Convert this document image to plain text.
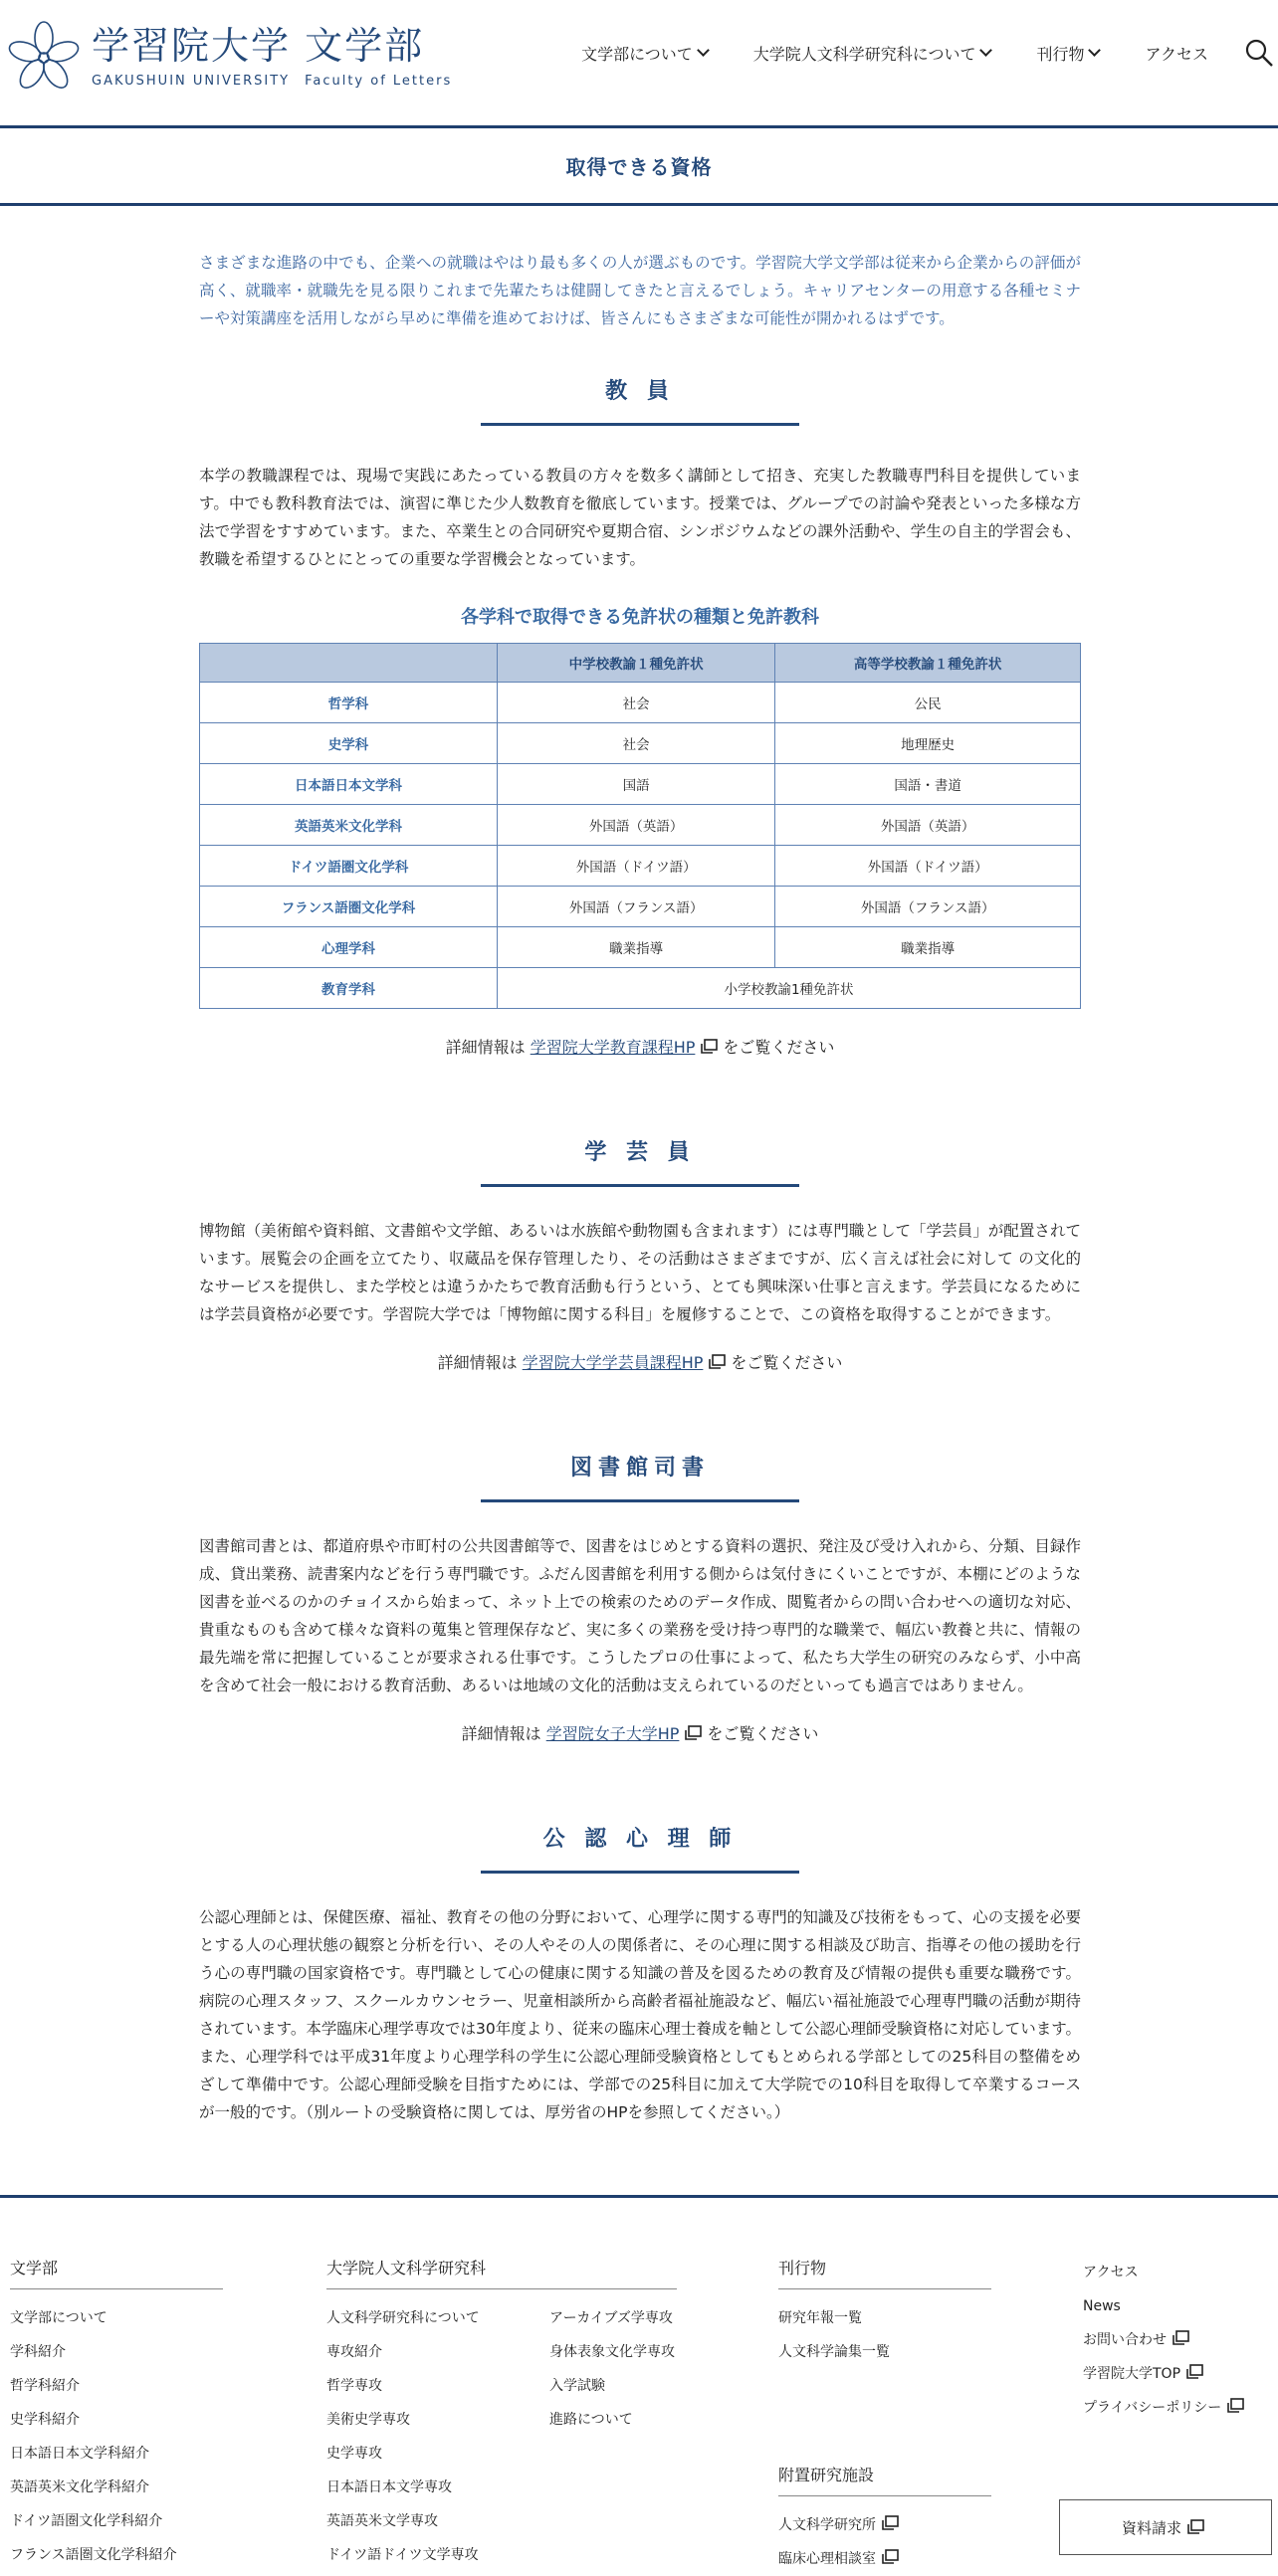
学習院大学 文学部
GAKUSHUIN UNIVERSITY　Faculty of Letters
文学部について	大学院人文科学研究科について	刊行物	アクセス
取得できる資格

さまざまな進路の中でも、企業への就職はやはり最も多くの人が選ぶものです。学習院大学文学部は従来から企業からの評価が高く、就職率・就職先を見る限りこれまで先輩たちは健闘してきたと言えるでしょう。キャリアセンターの用意する各種セミナーや対策講座を活用しながら早めに準備を進めておけば、皆さんにもさまざまな可能性が開かれるはずです。

教 員

本学の教職課程では、現場で実践にあたっている教員の方々を数多く講師として招き、充実した教職専門科目を提供しています。中でも教科教育法では、演習に準じた少人数教育を徹底しています。授業では、グループでの討論や発表といった多様な方法で学習をすすめています。また、卒業生との合同研究や夏期合宿、シンポジウムなどの課外活動や、学生の自主的学習会も、教職を希望するひとにとっての重要な学習機会となっています。

各学科で取得できる免許状の種類と免許教科
	中学校教諭１種免許状	高等学校教諭１種免許状
哲学科	社会	公民
史学科	社会	地理歴史
日本語日本文学科	国語	国語・書道
英語英米文化学科	外国語（英語）	外国語（英語）
ドイツ語圏文化学科	外国語（ドイツ語）	外国語（ドイツ語）
フランス語圏文化学科	外国語（フランス語）	外国語（フランス語）
心理学科	職業指導	職業指導
教育学科	小学校教諭1種免許状	
詳細情報は 学習院大学教育課程HP をご覧ください
学 芸 員

博物館（美術館や資料館、文書館や文学館、あるいは水族館や動物園も含まれます）には専門職として「学芸員」が配置されています。展覧会の企画を立てたり、収蔵品を保存管理したり、その活動はさまざまですが、広く言えば社会に対して の文化的なサービスを提供し、また学校とは違うかたちで教育活動も行うという、とても興味深い仕事と言えます。学芸員になるためには学芸員資格が必要です。学習院大学では「博物館に関する科目」を履修することで、この資格を取得することができます。

詳細情報は 学習院大学学芸員課程HP をご覧ください
図書館司書

図書館司書とは、都道府県や市町村の公共図書館等で、図書をはじめとする資料の選択、発注及び受け入れから、分類、目録作成、貸出業務、読書案内などを行う専門職です。ふだん図書館を利用する側からは気付きにくいことですが、本棚にどのような図書を並べるのかのチョイスから始まって、ネット上での検索のためのデータ作成、閲覧者からの問い合わせへの適切な対応、貴重なものも含めて様々な資料の蒐集と管理保存など、実に多くの業務を受け持つ専門的な職業で、幅広い教養と共に、情報の最先端を常に把握していることが要求される仕事です。こうしたプロの仕事によって、私たち大学生の研究のみならず、小中高を含めて社会一般における教育活動、あるいは地域の文化的活動は支えられているのだといっても過言ではありません。

詳細情報は 学習院女子大学HP をご覧ください
公 認 心 理 師

公認心理師とは、保健医療、福祉、教育その他の分野において、心理学に関する専門的知識及び技術をもって、心の支援を必要とする人の心理状態の観察と分析を行い、その人やその人の関係者に、その心理に関する相談及び助言、指導その他の援助を行う心の専門職の国家資格です。専門職として心の健康に関する知識の普及を図るための教育及び情報の提供も重要な職務です。病院の心理スタッフ、スクールカウンセラー、児童相談所から高齢者福祉施設など、幅広い福祉施設で心理専門職の活動が期待されています。本学臨床心理学専攻では30年度より、従来の臨床心理士養成を軸として公認心理師受験資格に対応しています。 また、心理学科では平成31年度より心理学科の学生に公認心理師受験資格としてもとめられる学部としての25科目の整備をめざして準備中です。公認心理師受験を目指すためには、学部での25科目に加えて大学院での10科目を取得して卒業するコースが一般的です。（別ルートの受験資格に関しては、厚労省のHPを参照してください。）

文学部
文学部について
学科紹介
哲学科紹介
史学科紹介
日本語日本文学科紹介
英語英米文化学科紹介
ドイツ語圏文化学科紹介
フランス語圏文化学科紹介
大学院人文科学研究科
人文科学研究科について
専攻紹介
哲学専攻
美術史学専攻
史学専攻
日本語日本文学専攻
英語英米文学専攻
ドイツ語ドイツ文学専攻
アーカイブズ学専攻
身体表象文化学専攻
入学試験
進路について
刊行物
研究年報一覧
人文科学論集一覧
附置研究施設
人文科学研究所
臨床心理相談室
アクセス
News
お問い合わせ
学習院大学TOP
プライバシーポリシー
資料請求
